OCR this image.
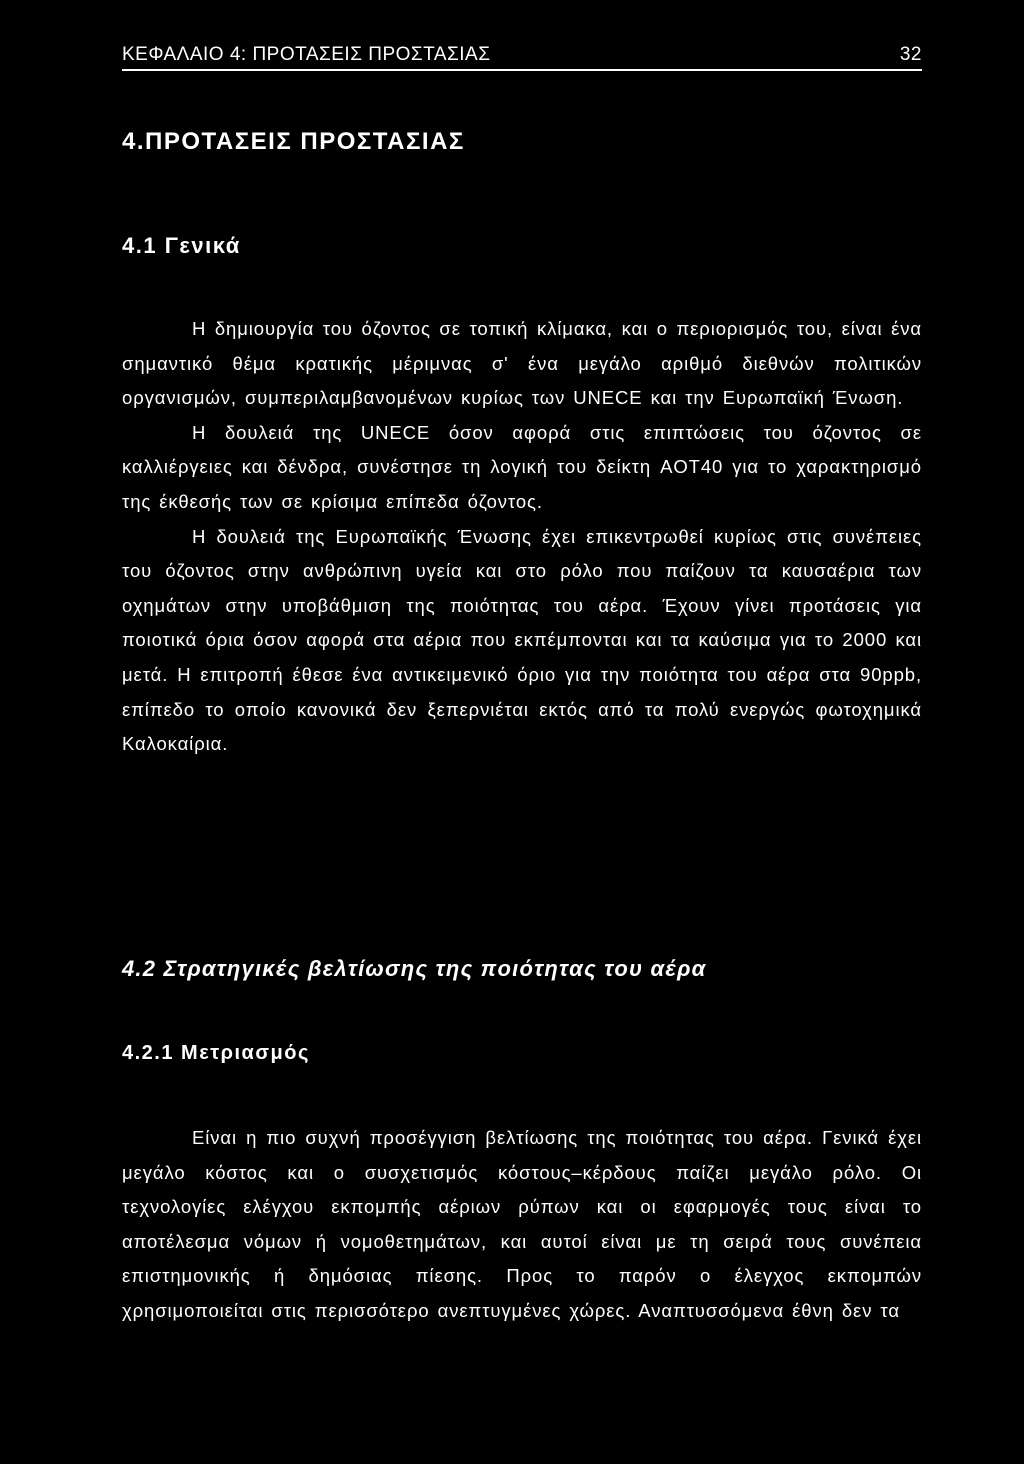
ΚΕΦΑΛΑΙΟ 4: ΠΡΟΤΑΣΕΙΣ ΠΡΟΣΤΑΣΙΑΣ	32
4.ΠΡΟΤΑΣΕΙΣ ΠΡΟΣΤΑΣΙΑΣ
4.1 Γενικά

Η δημιουργία του όζοντος σε τοπική κλίμακα, και ο περιορισμός του, είναι ένα σημαντικό θέμα κρατικής μέριμνας σ' ένα μεγάλο αριθμό διεθνών πολιτικών οργανισμών, συμπεριλαμβανομένων κυρίως των UNECE και την Ευρωπαϊκή Ένωση.

Η δουλειά της UNECE όσον αφορά στις επιπτώσεις του όζοντος σε καλλιέργειες και δένδρα, συνέστησε τη λογική του δείκτη AOT40 για το χαρακτηρισμό της έκθεσής των σε κρίσιμα επίπεδα όζοντος.

Η δουλειά της Ευρωπαϊκής Ένωσης έχει επικεντρωθεί κυρίως στις συνέπειες του όζοντος στην ανθρώπινη υγεία και στο ρόλο που παίζουν τα καυσαέρια των οχημάτων στην υποβάθμιση της ποιότητας του αέρα. Έχουν γίνει προτάσεις για ποιοτικά όρια όσον αφορά στα αέρια που εκπέμπονται και τα καύσιμα για το 2000 και μετά. Η επιτροπή έθεσε ένα αντικειμενικό όριο για την ποιότητα του αέρα στα 90ppb, επίπεδο το οποίο κανονικά δεν ξεπερνιέται εκτός από τα πολύ ενεργώς φωτοχημικά Καλοκαίρια.

4.2 Στρατηγικές βελτίωσης της ποιότητας του αέρα
4.2.1 Μετριασμός

Είναι η πιο συχνή προσέγγιση βελτίωσης της ποιότητας του αέρα. Γενικά έχει μεγάλο κόστος και ο συσχετισμός κόστους–κέρδους παίζει μεγάλο ρόλο. Οι τεχνολογίες ελέγχου εκπομπής αέριων ρύπων και οι εφαρμογές τους είναι το αποτέλεσμα νόμων ή νομοθετημάτων, και αυτοί είναι με τη σειρά τους συνέπεια επιστημονικής ή δημόσιας πίεσης. Προς το παρόν ο έλεγχος εκπομπών χρησιμοποιείται στις περισσότερο ανεπτυγμένες χώρες. Αναπτυσσόμενα έθνη δεν τα
